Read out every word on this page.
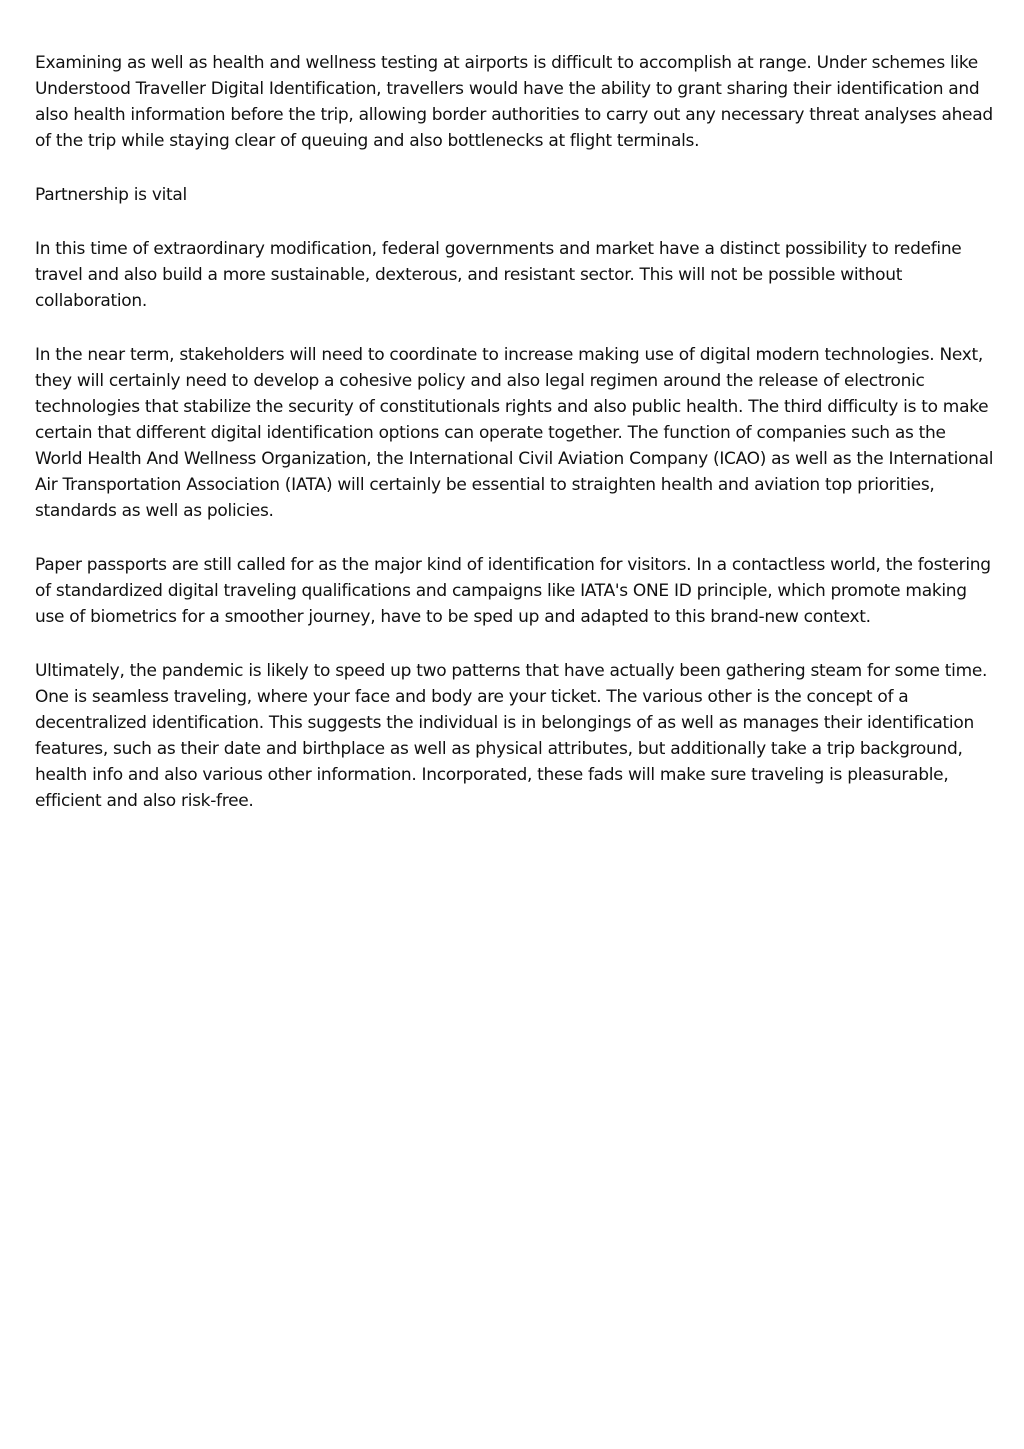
Examining as well as health and wellness testing at airports is difficult to accomplish at range. Under schemes like Understood Traveller Digital Identification, travellers would have the ability to grant sharing their identification and also health information before the trip, allowing border authorities to carry out any necessary threat analyses ahead of the trip while staying clear of queuing and also bottlenecks at flight terminals.

Partnership is vital

In this time of extraordinary modification, federal governments and market have a distinct possibility to redefine travel and also build a more sustainable, dexterous, and resistant sector. This will not be possible without collaboration.

In the near term, stakeholders will need to coordinate to increase making use of digital modern technologies. Next, they will certainly need to develop a cohesive policy and also legal regimen around the release of electronic technologies that stabilize the security of constitutionals rights and also public health. The third difficulty is to make certain that different digital identification options can operate together. The function of companies such as the World Health And Wellness Organization, the International Civil Aviation Company (ICAO) as well as the International Air Transportation Association (IATA) will certainly be essential to straighten health and aviation top priorities, standards as well as policies.

Paper passports are still called for as the major kind of identification for visitors. In a contactless world, the fostering of standardized digital traveling qualifications and campaigns like IATA's ONE ID principle, which promote making use of biometrics for a smoother journey, have to be sped up and adapted to this brand-new context.

Ultimately, the pandemic is likely to speed up two patterns that have actually been gathering steam for some time. One is seamless traveling, where your face and body are your ticket. The various other is the concept of a decentralized identification. This suggests the individual is in belongings of as well as manages their identification features, such as their date and birthplace as well as physical attributes, but additionally take a trip background, health info and also various other information. Incorporated, these fads will make sure traveling is pleasurable, efficient and also risk-free.
